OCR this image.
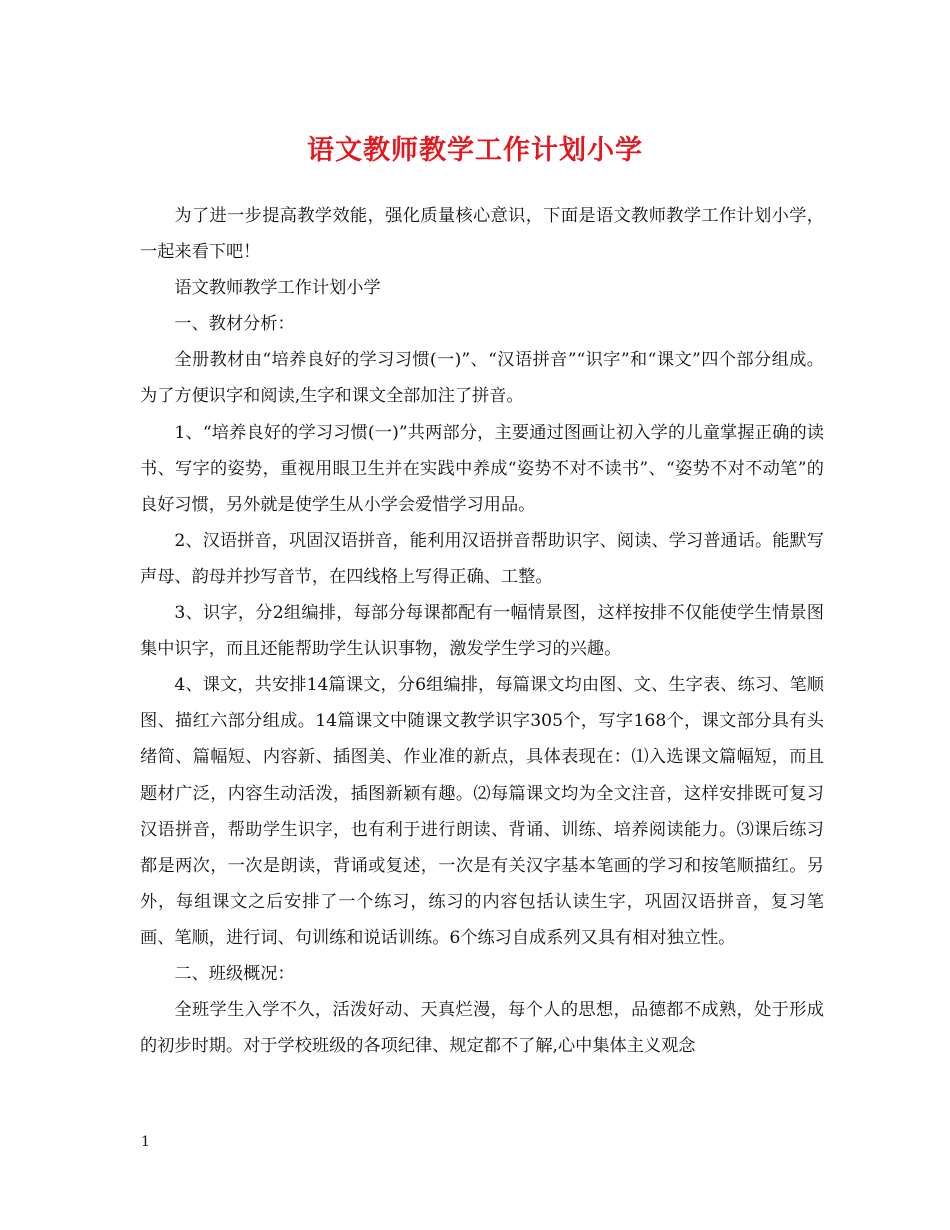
语文教师教学工作计划小学

为了进一步提高教学效能，强化质量核心意识，下面是语文教师教学工作计划小学，一起来看下吧！

语文教师教学工作计划小学

一、教材分析：

全册教材由“培养良好的学习习惯(一)”、“汉语拼音”“识字”和“课文”四个部分组成。为了方便识字和阅读,生字和课文全部加注了拼音。

1、“培养良好的学习习惯(一)”共两部分，主要通过图画让初入学的儿童掌握正确的读书、写字的姿势，重视用眼卫生并在实践中养成“姿势不对不读书”、“姿势不对不动笔”的良好习惯，另外就是使学生从小学会爱惜学习用品。

2、汉语拼音，巩固汉语拼音，能利用汉语拼音帮助识字、阅读、学习普通话。能默写声母、韵母并抄写音节，在四线格上写得正确、工整。

3、识字，分2组编排，每部分每课都配有一幅情景图，这样按排不仅能使学生情景图集中识字，而且还能帮助学生认识事物，激发学生学习的兴趣。

4、课文，共安排14篇课文，分6组编排，每篇课文均由图、文、生字表、练习、笔顺图、描红六部分组成。14篇课文中随课文教学识字305个，写字168个，课文部分具有头绪简、篇幅短、内容新、插图美、作业准的新点，具体表现在：⑴入选课文篇幅短，而且题材广泛，内容生动活泼，插图新颖有趣。⑵每篇课文均为全文注音，这样安排既可复习汉语拼音，帮助学生识字，也有利于进行朗读、背诵、训练、培养阅读能力。⑶课后练习都是两次，一次是朗读，背诵或复述，一次是有关汉字基本笔画的学习和按笔顺描红。另外，每组课文之后安排了一个练习，练习的内容包括认读生字，巩固汉语拼音，复习笔画、笔顺，进行词、句训练和说话训练。6个练习自成系列又具有相对独立性。

二、班级概况：

全班学生入学不久，活泼好动、天真烂漫，每个人的思想，品德都不成熟，处于形成的初步时期。对于学校班级的各项纪律、规定都不了解,心中集体主义观念

1
